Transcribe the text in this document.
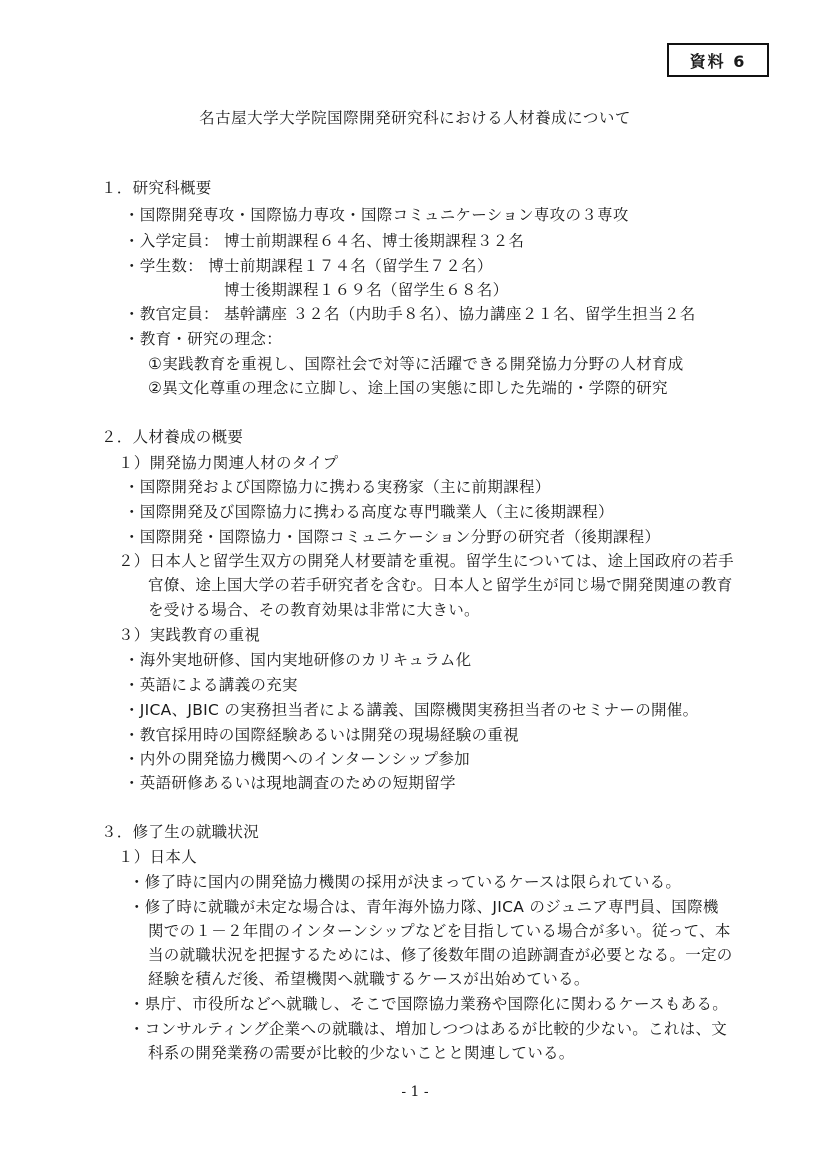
資料 6
名古屋大学大学院国際開発研究科における人材養成について
１．研究科概要
・国際開発専攻・国際協力専攻・国際コミュニケーション専攻の３専攻
・入学定員： 博士前期課程６４名、博士後期課程３２名
・学生数： 博士前期課程１７４名（留学生７２名）
博士後期課程１６９名（留学生６８名）
・教官定員： 基幹講座 ３２名（内助手８名）、協力講座２１名、留学生担当２名
・教育・研究の理念：
①実践教育を重視し、国際社会で対等に活躍できる開発協力分野の人材育成
②異文化尊重の理念に立脚し、途上国の実態に即した先端的・学際的研究
２．人材養成の概要
１）開発協力関連人材のタイプ
・国際開発および国際協力に携わる実務家（主に前期課程）
・国際開発及び国際協力に携わる高度な専門職業人（主に後期課程）
・国際開発・国際協力・国際コミュニケーション分野の研究者（後期課程）
２）日本人と留学生双方の開発人材要請を重視。留学生については、途上国政府の若手
官僚、途上国大学の若手研究者を含む。日本人と留学生が同じ場で開発関連の教育
を受ける場合、その教育効果は非常に大きい。
３）実践教育の重視
・海外実地研修、国内実地研修のカリキュラム化
・英語による講義の充実
・JICA、JBIC の実務担当者による講義、国際機関実務担当者のセミナーの開催。
・教官採用時の国際経験あるいは開発の現場経験の重視
・内外の開発協力機関へのインターンシップ参加
・英語研修あるいは現地調査のための短期留学
３．修了生の就職状況
１）日本人
・修了時に国内の開発協力機関の採用が決まっているケースは限られている。
・修了時に就職が未定な場合は、青年海外協力隊、JICA のジュニア専門員、国際機
関での１－２年間のインターンシップなどを目指している場合が多い。従って、本
当の就職状況を把握するためには、修了後数年間の追跡調査が必要となる。一定の
経験を積んだ後、希望機関へ就職するケースが出始めている。
・県庁、市役所などへ就職し、そこで国際協力業務や国際化に関わるケースもある。
・コンサルティング企業への就職は、増加しつつはあるが比較的少ない。これは、文
科系の開発業務の需要が比較的少ないことと関連している。
- 1 -
